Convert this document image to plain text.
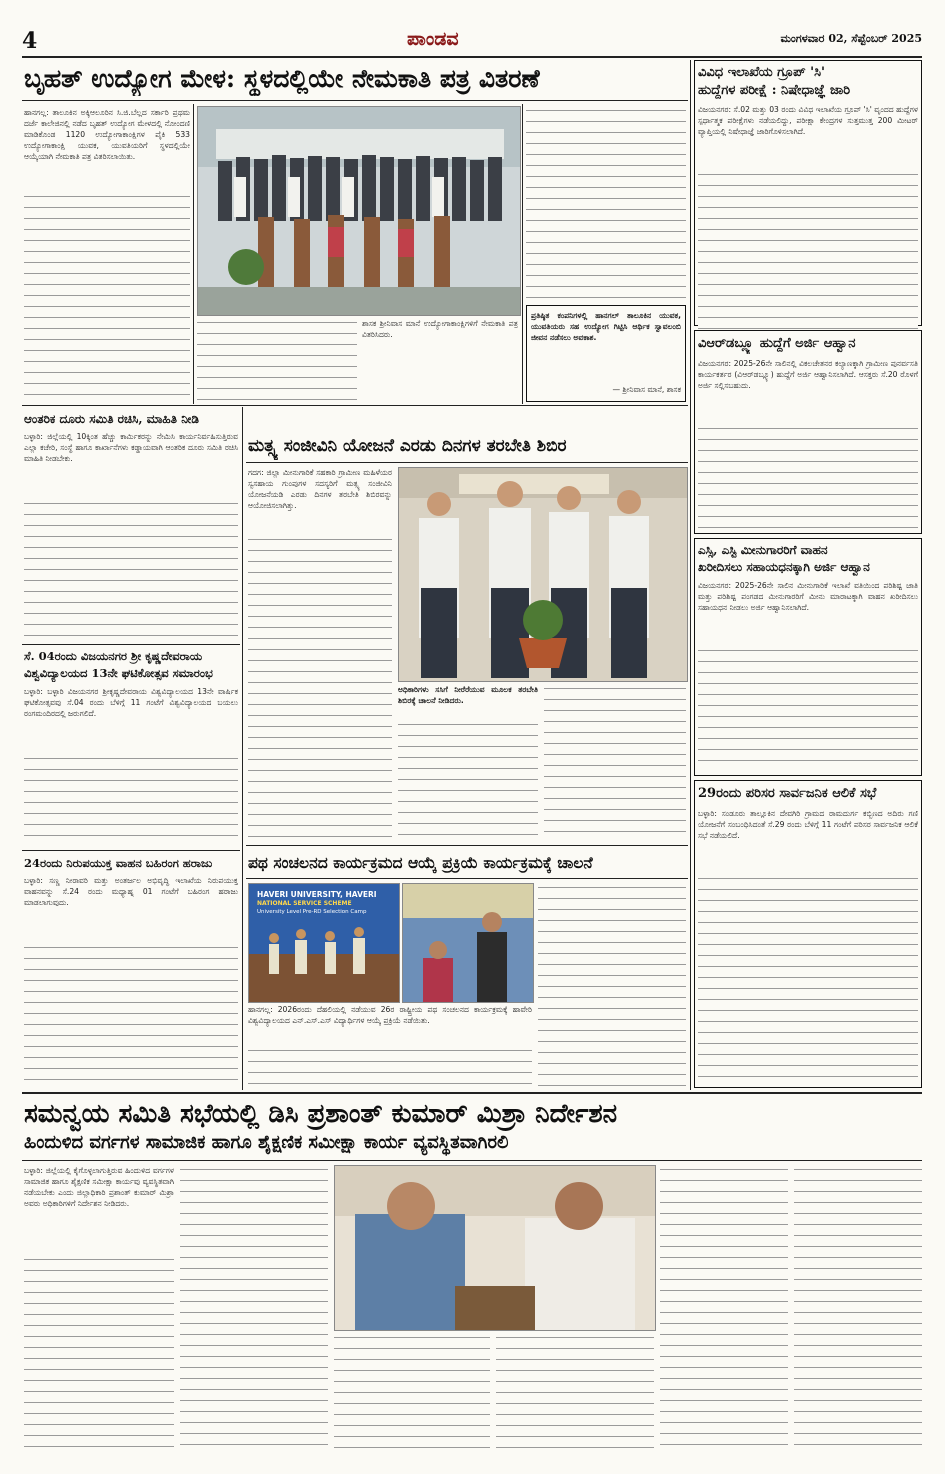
4	ಪಾಂಡವ	ಮಂಗಳವಾರ 02, ಸೆಪ್ಟೆಂಬರ್ 2025
ಬೃಹತ್ ಉದ್ಯೋಗ ಮೇಳ: ಸ್ಥಳದಲ್ಲಿಯೇ ನೇಮಕಾತಿ ಪತ್ರ ವಿತರಣೆ
ಹಾನಗಲ್ಲ: ತಾಲೂಕಿನ ಅಕ್ಕಿಆಲೂರಿನ ಸಿ.ಜಿ.ಬೆಲ್ಲದ ಸರ್ಕಾರಿ ಪ್ರಥಮ ದರ್ಜೆ ಕಾಲೇಜಿನಲ್ಲಿ ನಡೆದ ಬೃಹತ್ ಉದ್ಯೋಗ ಮೇಳದಲ್ಲಿ ನೋಂದಣಿ ಮಾಡಿಕೊಂಡ 1120 ಉದ್ಯೋಗಾಕಾಂಕ್ಷಿಗಳ ಪೈಕಿ 533 ಉದ್ಯೋಗಾಕಾಂಕ್ಷಿ ಯುವಕ, ಯುವತಿಯರಿಗೆ ಸ್ಥಳದಲ್ಲಿಯೇ ಆಯ್ಕೆಯಾಗಿ ನೇಮಕಾತಿ ಪತ್ರ ವಿತರಿಸಲಾಯಿತು.
ಶಾಸಕ ಶ್ರೀನಿವಾಸ ಮಾನೆ ಉದ್ಯೋಗಾಕಾಂಕ್ಷಿಗಳಿಗೆ ನೇಮಕಾತಿ ಪತ್ರ ವಿತರಿಸಿದರು.
ಪ್ರತಿಷ್ಠಿತ ಕಂಪನಿಗಳಲ್ಲಿ ಹಾನಗಲ್ ತಾಲೂಕಿನ ಯುವಕ, ಯುವತಿಯರು ಸಹ ಉದ್ಯೋಗ ಗಿಟ್ಟಿಸಿ ಆರ್ಥಿಕ ಸ್ವಾವಲಂಬಿ ಜೀವನ ನಡೆಸಲು ಅವಕಾಶ.
— ಶ್ರೀನಿವಾಸ ಮಾನೆ, ಶಾಸಕ
ವಿವಿಧ ಇಲಾಖೆಯ ಗ್ರೂಪ್ 'ಸಿ'
ಹುದ್ದೆಗಳ ಪರೀಕ್ಷೆ : ನಿಷೇಧಾಜ್ಞೆ ಜಾರಿ
ವಿಜಯನಗರ: ಸೆ.02 ಮತ್ತು 03 ರಂದು ವಿವಿಧ ಇಲಾಖೆಯ ಗ್ರೂಪ್ 'ಸಿ' ವೃಂದದ ಹುದ್ದೆಗಳ ಸ್ಪರ್ಧಾತ್ಮಕ ಪರೀಕ್ಷೆಗಳು ನಡೆಯಲಿದ್ದು, ಪರೀಕ್ಷಾ ಕೇಂದ್ರಗಳ ಸುತ್ತಮುತ್ತ 200 ಮೀಟರ್ ವ್ಯಾಪ್ತಿಯಲ್ಲಿ ನಿಷೇಧಾಜ್ಞೆ ಜಾರಿಗೊಳಿಸಲಾಗಿದೆ.
ವಿಆರ್‌ಡಬ್ಲ್ಯೂ ಹುದ್ದೆಗೆ ಅರ್ಜಿ ಆಹ್ವಾನ
ವಿಜಯನಗರ: 2025-26ನೇ ಸಾಲಿನಲ್ಲಿ ವಿಕಲಚೇತನರ ಕಲ್ಯಾಣಕ್ಕಾಗಿ ಗ್ರಾಮೀಣ ಪುನರ್ವಸತಿ ಕಾರ್ಯಕರ್ತರ (ವಿಆರ್‌ಡಬ್ಲ್ಯೂ) ಹುದ್ದೆಗೆ ಅರ್ಜಿ ಆಹ್ವಾನಿಸಲಾಗಿದೆ. ಆಸಕ್ತರು ಸೆ.20 ರೊಳಗೆ ಅರ್ಜಿ ಸಲ್ಲಿಸಬಹುದು.
ಎಸ್ಸಿ, ಎಸ್ಟಿ ಮೀನುಗಾರರಿಗೆ ವಾಹನ
ಖರೀದಿಸಲು ಸಹಾಯಧನಕ್ಕಾಗಿ ಅರ್ಜಿ ಆಹ್ವಾನ
ವಿಜಯನಗರ: 2025-26ನೇ ಸಾಲಿನ ಮೀನುಗಾರಿಕೆ ಇಲಾಖೆ ವತಿಯಿಂದ ಪರಿಶಿಷ್ಟ ಜಾತಿ ಮತ್ತು ಪರಿಶಿಷ್ಟ ಪಂಗಡದ ಮೀನುಗಾರರಿಗೆ ಮೀನು ಮಾರಾಟಕ್ಕಾಗಿ ವಾಹನ ಖರೀದಿಸಲು ಸಹಾಯಧನ ನೀಡಲು ಅರ್ಜಿ ಆಹ್ವಾನಿಸಲಾಗಿದೆ.
29ರಂದು ಪರಿಸರ ಸಾರ್ವಜನಿಕ ಆಲಿಕೆ ಸಭೆ
ಬಳ್ಳಾರಿ: ಸಂಡೂರು ತಾಲ್ಲೂಕಿನ ದೇವಗಿರಿ ಗ್ರಾಮದ ರಾಮದುರ್ಗ ಕಬ್ಬಿಣದ ಅದಿರು ಗಣಿ ಯೋಜನೆಗೆ ಸಂಬಂಧಿಸಿದಂತೆ ಸೆ.29 ರಂದು ಬೆಳಿಗ್ಗೆ 11 ಗಂಟೆಗೆ ಪರಿಸರ ಸಾರ್ವಜನಿಕ ಆಲಿಕೆ ಸಭೆ ನಡೆಯಲಿದೆ.
ಆಂತರಿಕ ದೂರು ಸಮಿತಿ ರಚಿಸಿ, ಮಾಹಿತಿ ನೀಡಿ
ಬಳ್ಳಾರಿ: ಜಿಲ್ಲೆಯಲ್ಲಿ 10ಕ್ಕಿಂತ ಹೆಚ್ಚು ಕಾರ್ಮಿಕರನ್ನು ನೇಮಿಸಿ ಕಾರ್ಯನಿರ್ವಹಿಸುತ್ತಿರುವ ಎಲ್ಲಾ ಕಚೇರಿ, ಸಂಸ್ಥೆ ಹಾಗೂ ಕಾರ್ಖಾನೆಗಳು ಕಡ್ಡಾಯವಾಗಿ ಆಂತರಿಕ ದೂರು ಸಮಿತಿ ರಚಿಸಿ ಮಾಹಿತಿ ನೀಡಬೇಕು.
ಸೆ. 04ರಂದು ವಿಜಯನಗರ ಶ್ರೀ ಕೃಷ್ಣದೇವರಾಯ
ವಿಶ್ವವಿದ್ಯಾಲಯದ 13ನೇ ಘಟಿಕೋತ್ಸವ ಸಮಾರಂಭ
ಬಳ್ಳಾರಿ: ಬಳ್ಳಾರಿ ವಿಜಯನಗರ ಶ್ರೀಕೃಷ್ಣದೇವರಾಯ ವಿಶ್ವವಿದ್ಯಾಲಯದ 13ನೇ ವಾರ್ಷಿಕ ಘಟಿಕೋತ್ಸವವು ಸೆ.04 ರಂದು ಬೆಳಿಗ್ಗೆ 11 ಗಂಟೆಗೆ ವಿಶ್ವವಿದ್ಯಾಲಯದ ಬಯಲು ರಂಗಮಂದಿರದಲ್ಲಿ ಜರುಗಲಿದೆ.
24ರಂದು ನಿರುಪಯುಕ್ತ ವಾಹನ ಬಹಿರಂಗ ಹರಾಜು
ಬಳ್ಳಾರಿ: ಸಣ್ಣ ನೀರಾವರಿ ಮತ್ತು ಅಂತರ್ಜಲ ಅಭಿವೃದ್ಧಿ ಇಲಾಖೆಯ ನಿರುಪಯುಕ್ತ ವಾಹನವನ್ನು ಸೆ.24 ರಂದು ಮಧ್ಯಾಹ್ನ 01 ಗಂಟೆಗೆ ಬಹಿರಂಗ ಹರಾಜು ಮಾಡಲಾಗುವುದು.
ಮತ್ಸ್ಯ ಸಂಜೀವಿನಿ ಯೋಜನೆ ಎರಡು ದಿನಗಳ ತರಬೇತಿ ಶಿಬಿರ
ಗದಗ: ಜಿಲ್ಲಾ ಮೀನುಗಾರಿಕೆ ಸಹಕಾರಿ ಗ್ರಾಮೀಣ ಮಹಿಳೆಯರ ಸ್ವಸಹಾಯ ಗುಂಪುಗಳ ಸದಸ್ಯರಿಗೆ ಮತ್ಸ್ಯ ಸಂಜೀವಿನಿ ಯೋಜನೆಯಡಿ ಎರಡು ದಿನಗಳ ತರಬೇತಿ ಶಿಬಿರವನ್ನು ಆಯೋಜಿಸಲಾಗಿತ್ತು.
ಅಧಿಕಾರಿಗಳು ಸಸಿಗೆ ನೀರೆರೆಯುವ ಮೂಲಕ ತರಬೇತಿ ಶಿಬಿರಕ್ಕೆ ಚಾಲನೆ ನೀಡಿದರು.
ಪಥ ಸಂಚಲನದ ಕಾರ್ಯಕ್ರಮದ ಆಯ್ಕೆ ಪ್ರಕ್ರಿಯೆ ಕಾರ್ಯಕ್ರಮಕ್ಕೆ ಚಾಲನೆ
HAVERI UNIVERSITY, HAVERI
NATIONAL SERVICE SCHEME
University Level Pre-RD Selection Camp
ಹಾನಗಲ್ಲ: 2026ರಂದು ದೆಹಲಿಯಲ್ಲಿ ನಡೆಯುವ 26ರ ರಾಷ್ಟ್ರೀಯ ಪಥ ಸಂಚಲನದ ಕಾರ್ಯಕ್ರಮಕ್ಕೆ ಹಾವೇರಿ ವಿಶ್ವವಿದ್ಯಾಲಯದ ಎನ್.ಎಸ್.ಎಸ್ ವಿದ್ಯಾರ್ಥಿಗಳ ಆಯ್ಕೆ ಪ್ರಕ್ರಿಯೆ ನಡೆಯಿತು.
ಸಮನ್ವಯ ಸಮಿತಿ ಸಭೆಯಲ್ಲಿ ಡಿಸಿ ಪ್ರಶಾಂತ್ ಕುಮಾರ್ ಮಿಶ್ರಾ ನಿರ್ದೇಶನ
ಹಿಂದುಳಿದ ವರ್ಗಗಳ ಸಾಮಾಜಿಕ ಹಾಗೂ ಶೈಕ್ಷಣಿಕ ಸಮೀಕ್ಷಾ ಕಾರ್ಯ ವ್ಯವಸ್ಥಿತವಾಗಿರಲಿ
ಬಳ್ಳಾರಿ: ಜಿಲ್ಲೆಯಲ್ಲಿ ಕೈಗೊಳ್ಳಲಾಗುತ್ತಿರುವ ಹಿಂದುಳಿದ ವರ್ಗಗಳ ಸಾಮಾಜಿಕ ಹಾಗೂ ಶೈಕ್ಷಣಿಕ ಸಮೀಕ್ಷಾ ಕಾರ್ಯವು ವ್ಯವಸ್ಥಿತವಾಗಿ ನಡೆಯಬೇಕು ಎಂದು ಜಿಲ್ಲಾಧಿಕಾರಿ ಪ್ರಶಾಂತ್ ಕುಮಾರ್ ಮಿಶ್ರಾ ಅವರು ಅಧಿಕಾರಿಗಳಿಗೆ ನಿರ್ದೇಶನ ನೀಡಿದರು.
